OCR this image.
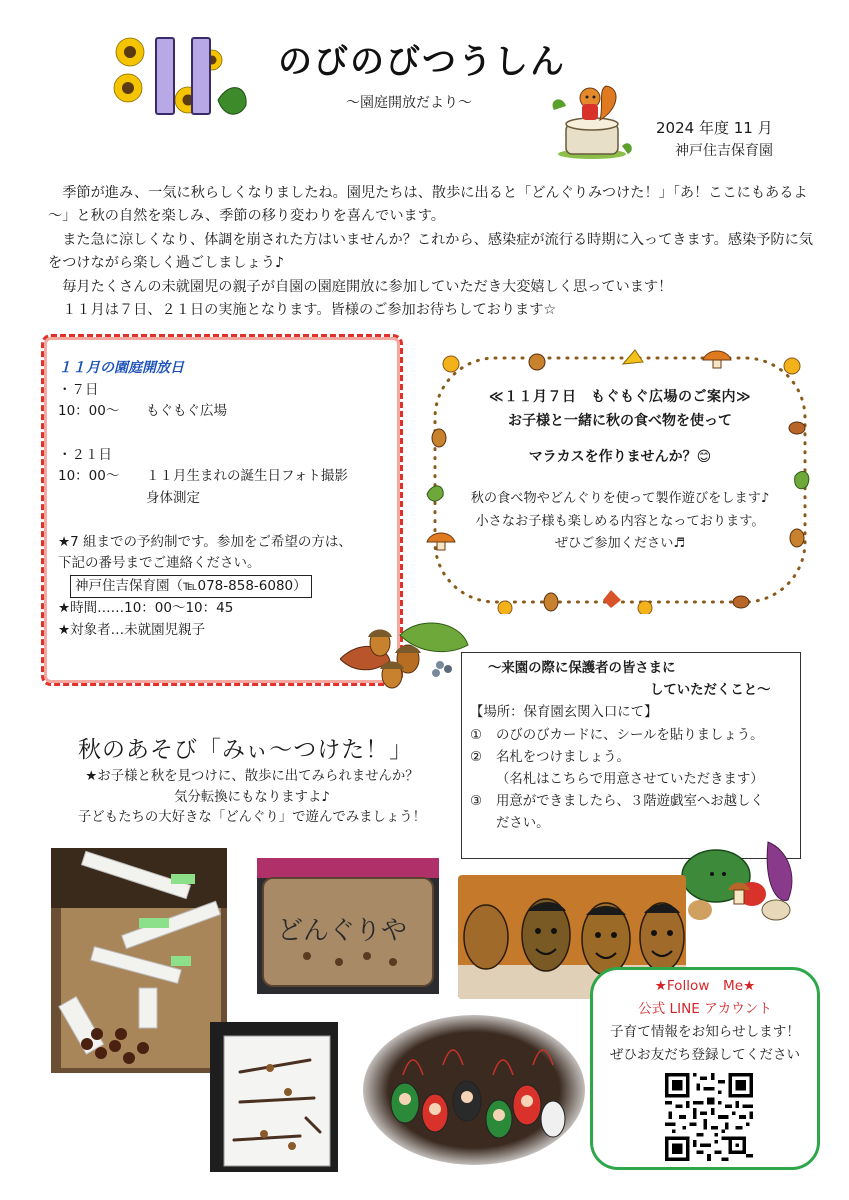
のびのびつうしん
～園庭開放だより～
2024 年度 11 月
神戸住吉保育園

季節が進み、一気に秋らしくなりましたね。園児たちは、散歩に出ると「どんぐりみつけた！」「あ！ここにもあるよ～」と秋の自然を楽しみ、季節の移り変わりを喜んでいます。

また急に涼しくなり、体調を崩された方はいませんか？これから、感染症が流行る時期に入ってきます。感染予防に気をつけながら楽しく過ごしましょう♪

毎月たくさんの未就園児の親子が自園の園庭開放に参加していただき大変嬉しく思っています！

１１月は７日、２１日の実施となります。皆様のご参加お待ちしております☆

１１月の園庭開放日
・７日
10：00～	もぐもぐ広場
・２１日
10：00～	１１月生まれの誕生日フォト撮影
身体測定
★7 組までの予約制です。参加をご希望の方は、
下記の番号までご連絡ください。
神戸住吉保育園（℡078-858-6080）
★時間……10：00～10：45
★対象者…未就園児親子
≪１１月７日　もぐもぐ広場のご案内≫
お子様と一緒に秋の食べ物を使って
マラカスを作りませんか？😊
秋の食べ物やどんぐりを使って製作遊びをします♪
小さなお子様も楽しめる内容となっております。
ぜひご参加ください♬
～来園の際に保護者の皆さまに
していただくこと～
【場所：保育園玄関入口にて】
①	のびのびカードに、シールを貼りましょう。
②	名札をつけましょう。
（名札はこちらで用意させていただきます）
③	用意ができましたら、３階遊戯室へお越しください。
秋のあそび「みぃ～つけた！」
★お子様と秋を見つけに、散歩に出てみられませんか？
気分転換にもなりますよ♪
子どもたちの大好きな「どんぐり」で遊んでみましょう！
どんぐりや
★Follow　Me★
公式 LINE アカウント
子育て情報をお知らせします！
ぜひお友だち登録してください
